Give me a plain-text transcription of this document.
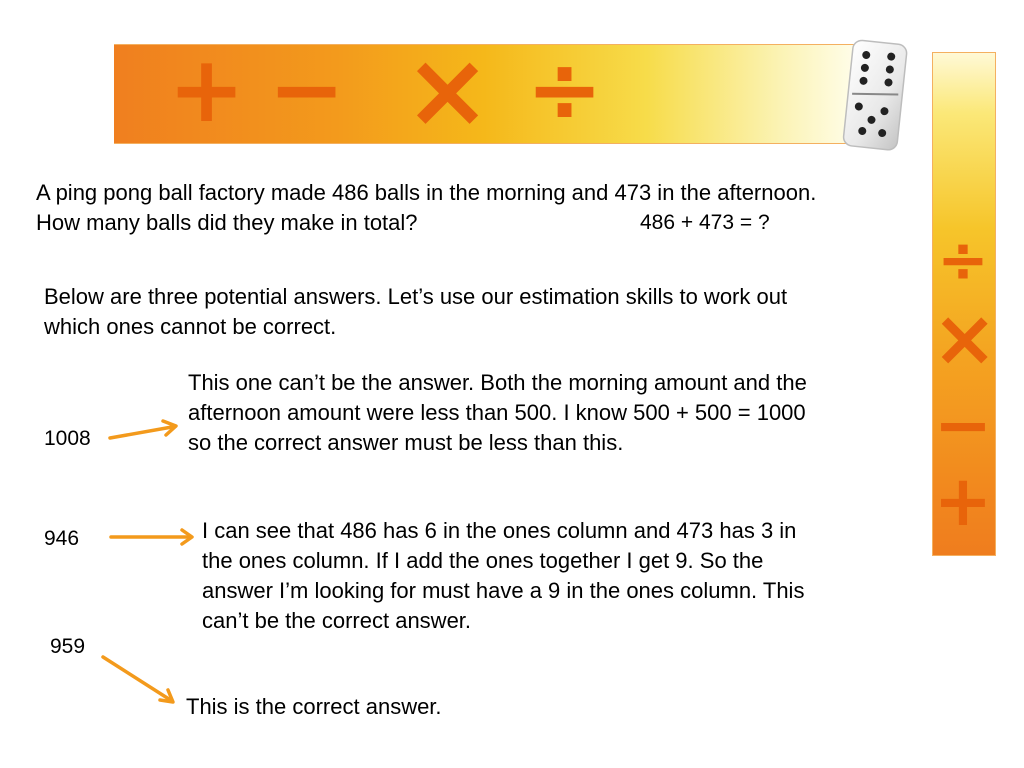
+ − × ÷
÷
×
−
+

A ping pong ball factory made 486 balls in the morning and 473 in the afternoon. How many balls did they make in total?	486 + 473 = ?

Below are three potential answers. Let’s use our estimation skills to work out which ones cannot be correct.

1008

This one can’t be the answer. Both the morning amount and the afternoon amount were less than 500. I know 500 + 500 = 1000 so the correct answer must be less than this.

946	I can see that 486 has 6 in the ones column and 473 has 3 in the ones column. If I add the ones together I get 9. So the answer I’m looking for must have a 9 in the ones column. This can’t be the correct answer.

959

This is the correct answer.
